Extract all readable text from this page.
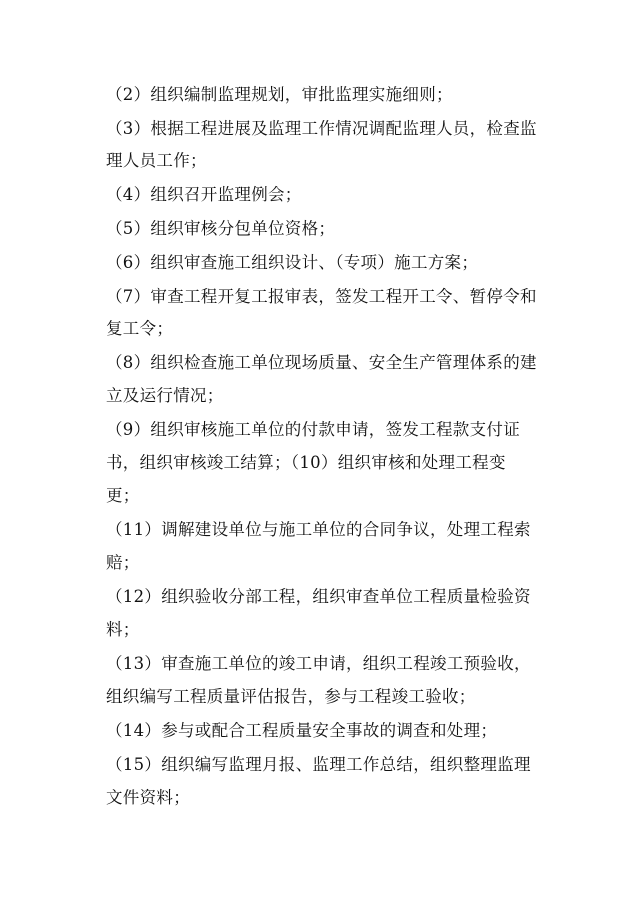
（2）组织编制监理规划，审批监理实施细则；
（3）根据工程进展及监理工作情况调配监理人员，检查监
理人员工作；
（4）组织召开监理例会；
（5）组织审核分包单位资格；
（6）组织审查施工组织设计、（专项）施工方案；
（7）审查工程开复工报审表，签发工程开工令、暂停令和
复工令；
（8）组织检查施工单位现场质量、安全生产管理体系的建
立及运行情况；
（9）组织审核施工单位的付款申请，签发工程款支付证
书，组织审核竣工结算；（10）组织审核和处理工程变
更；
（11）调解建设单位与施工单位的合同争议，处理工程索
赔；
（12）组织验收分部工程，组织审查单位工程质量检验资
料；
（13）审查施工单位的竣工申请，组织工程竣工预验收，
组织编写工程质量评估报告，参与工程竣工验收；
（14）参与或配合工程质量安全事故的调查和处理；
（15）组织编写监理月报、监理工作总结，组织整理监理
文件资料；
